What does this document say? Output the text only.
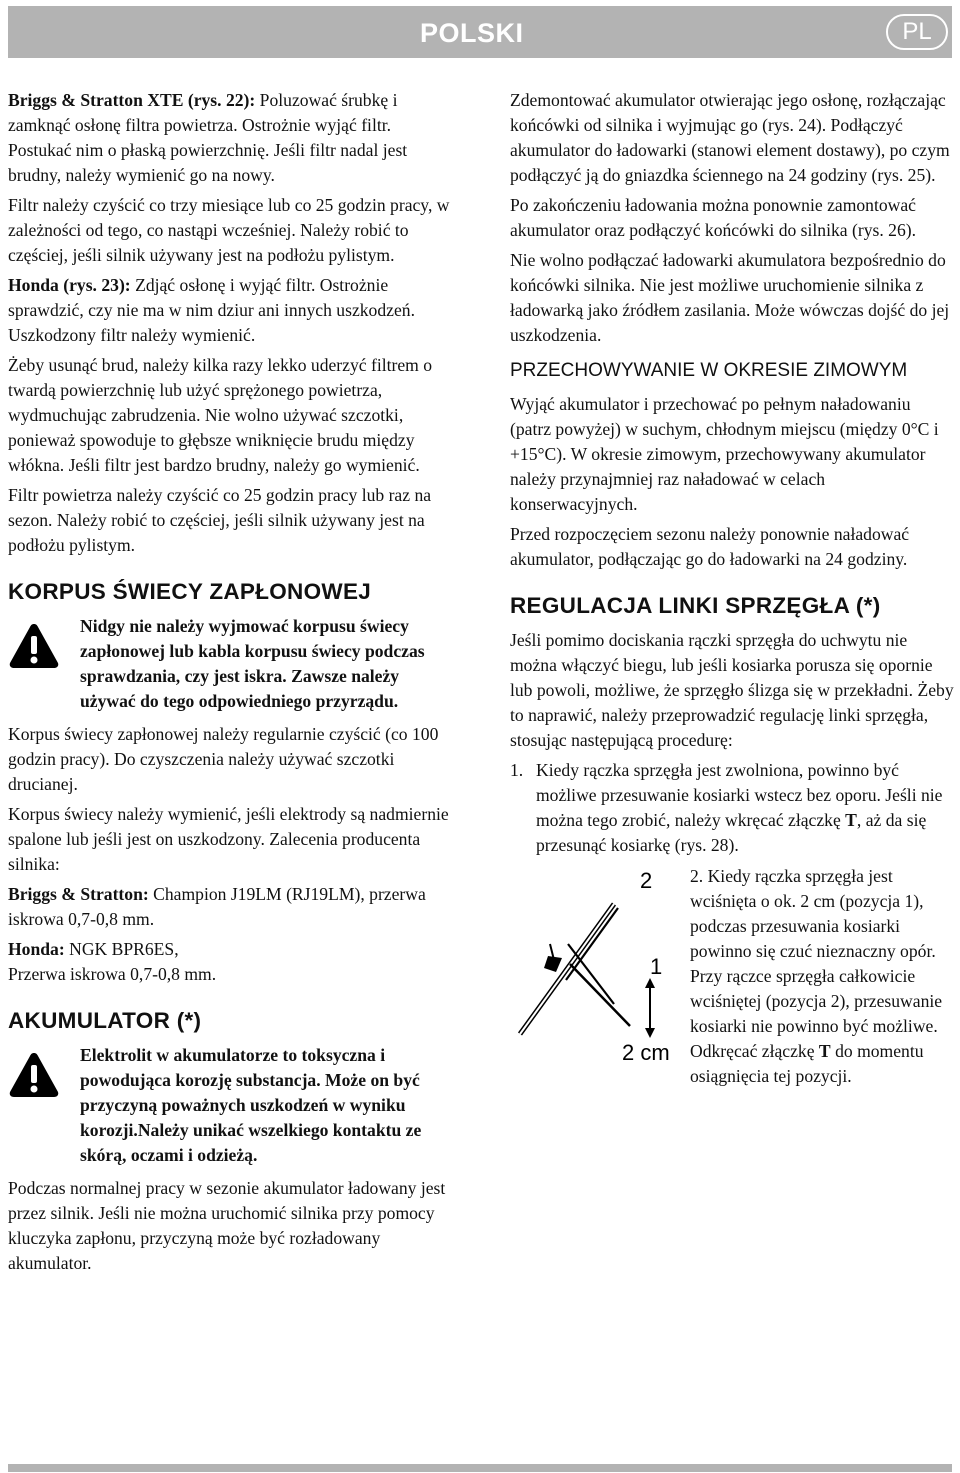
POLSKI	PL

Briggs & Stratton XTE (rys. 22): Poluzować śrubkę i zamknąć osłonę filtra powietrza. Ostrożnie wyjąć filtr. Postukać nim o płaską powierzchnię. Jeśli filtr nadal jest brudny, należy wymienić go na nowy.

Filtr należy czyścić co trzy miesiące lub co 25 godzin pracy, w zależności od tego, co nastąpi wcześniej. Należy robić to częściej, jeśli silnik używany jest na podłożu pylistym.

Honda (rys. 23): Zdjąć osłonę i wyjąć filtr. Ostrożnie sprawdzić, czy nie ma w nim dziur ani innych uszkodzeń. Uszkodzony filtr należy wymienić.

Żeby usunąć brud, należy kilka razy lekko uderzyć filtrem o twardą powierzchnię lub użyć sprężonego powietrza, wydmuchując zabrudzenia. Nie wolno używać szczotki, ponieważ spowoduje to głębsze wniknięcie brudu między włókna. Jeśli filtr jest bardzo brudny, należy go wymienić.

Filtr powietrza należy czyścić co 25 godzin pracy lub raz na sezon. Należy robić to częściej, jeśli silnik używany jest na podłożu pylistym.

KORPUS ŚWIECY ZAPŁONOWEJ
Nidgy nie należy wyjmować korpusu świecy zapłonowej lub kabla korpusu świecy podczas sprawdzania, czy jest iskra. Zawsze należy używać do tego odpowiedniego przyrządu.

Korpus świecy zapłonowej należy regularnie czyścić (co 100 godzin pracy). Do czyszczenia należy używać szczotki drucianej.

Korpus świecy należy wymienić, jeśli elektrody są nadmiernie spalone lub jeśli jest on uszkodzony. Zalecenia producenta silnika:

Briggs & Stratton: Champion J19LM (RJ19LM), przerwa iskrowa 0,7-0,8 mm.

Honda: NGK BPR6ES,
Przerwa iskrowa 0,7-0,8 mm.

AKUMULATOR (*)
Elektrolit w akumulatorze to toksyczna i powodująca korozję substancja. Może on być przyczyną poważnych uszkodzeń w wyniku korozji.Należy unikać wszelkiego kontaktu ze skórą, oczami i odzieżą.

Podczas normalnej pracy w sezonie akumulator ładowany jest przez silnik. Jeśli nie można uruchomić silnika przy pomocy kluczyka zapłonu, przyczyną może być rozładowany akumulator.

Zdemontować akumulator otwierając jego osłonę, rozłączając końcówki od silnika i wyjmując go (rys. 24). Podłączyć akumulator do ładowarki (stanowi element dostawy), po czym podłączyć ją do gniazdka ściennego na 24 godziny (rys. 25).

Po zakończeniu ładowania można ponownie zamontować akumulator oraz podłączyć końcówki do silnika (rys. 26).

Nie wolno podłączać ładowarki akumulatora bezpośrednio do końcówki silnika. Nie jest możliwe uruchomienie silnika z ładowarką jako źródłem zasilania. Może wówczas dojść do jej uszkodzenia.

PRZECHOWYWANIE W OKRESIE ZIMOWYM

Wyjąć akumulator i przechować po pełnym naładowaniu (patrz powyżej) w suchym, chłodnym miejscu (między 0°C i +15°C). W okresie zimowym, przechowywany akumulator należy przynajmniej raz naładować w celach konserwacyjnych.

Przed rozpoczęciem sezonu należy ponownie naładować akumulator, podłączając go do ładowarki na 24 godziny.

REGULACJA LINKI SPRZĘGŁA (*)

Jeśli pomimo dociskania rączki sprzęgła do uchwytu nie można włączyć biegu, lub jeśli kosiarka porusza się opornie lub powoli, możliwe, że sprzęgło ślizga się w przekładni. Żeby to naprawić, należy przeprowadzić regulację linki sprzęgła, stosując następującą procedurę:

1. Kiedy rączka sprzęgła jest zwolniona, powinno być możliwe przesuwanie kosiarki wstecz bez oporu. Jeśli nie można tego zrobić, należy wkręcać złączkę T, aż da się przesunąć kosiarkę (rys. 28).
2
1
2 cm
2. Kiedy rączka sprzęgła jest wciśnięta o ok. 2 cm (pozycja 1), podczas przesuwania kosiarki powinno się czuć nieznaczny opór. Przy rączce sprzęgła całkowicie wciśniętej (pozycja 2), przesuwanie kosiarki nie powinno być możliwe. Odkręcać złączkę T do momentu osiągnięcia tej pozycji.
